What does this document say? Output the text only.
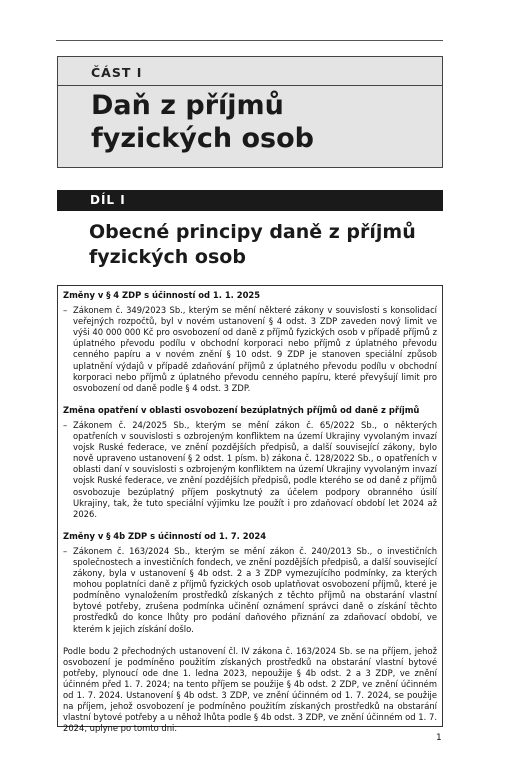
ČÁST I
Daň z příjmů fyzických osob
DÍL I
Obecné principy daně z příjmů fyzických osob

Změny v § 4 ZDP s účinností od 1. 1. 2025

– Zákonem č. 349/2023 Sb., kterým se mění některé zákony v souvislosti s konsolidací veřejných rozpočtů, byl v novém ustanovení § 4 odst. 3 ZDP zaveden nový limit ve výši 40 000 000 Kč pro osvobození od daně z příjmů fyzických osob v případě příjmů z úplatného převodu podílu v obchodní korporaci nebo příjmů z úplatného převodu cenného papíru a v novém znění § 10 odst. 9 ZDP je stanoven speciální způsob uplatnění výdajů v případě zdaňování příjmů z úplatného převodu podílu v obchodní korporaci nebo příjmů z úplatného převodu cenného papíru, které převyšují limit pro osvobození od daně podle § 4 odst. 3 ZDP.

Změna opatření v oblasti osvobození bezúplatných příjmů od daně z příjmů

– Zákonem č. 24/2025 Sb., kterým se mění zákon č. 65/2022 Sb., o některých opatřeních v souvislosti s ozbrojeným konfliktem na území Ukrajiny vyvolaným invazí vojsk Ruské federace, ve znění pozdějších předpisů, a další související zákony, bylo nově upraveno ustanovení § 2 odst. 1 písm. b) zákona č. 128/2022 Sb., o opatřeních v oblasti daní v souvislosti s ozbrojeným konfliktem na území Ukrajiny vyvolaným invazí vojsk Ruské federace, ve znění pozdějších předpisů, podle kterého se od daně z příjmů osvobozuje bezúplatný příjem poskytnutý za účelem podpory obranného úsilí Ukrajiny, tak, že tuto speciální výjimku lze použít i pro zdaňovací období let 2024 až 2026.

Změny v § 4b ZDP s účinností od 1. 7. 2024

– Zákonem č. 163/2024 Sb., kterým se mění zákon č. 240/2013 Sb., o investičních společnostech a investičních fondech, ve znění pozdějších předpisů, a další související zákony, byla v ustanovení § 4b odst. 2 a 3 ZDP vymezujícího podmínky, za kterých mohou poplatníci daně z příjmů fyzických osob uplatňovat osvobození příjmů, které je podmíněno vynaložením prostředků získaných z těchto příjmů na obstarání vlastní bytové potřeby, zrušena podmínka učinění oznámení správci daně o získání těchto prostředků do konce lhůty pro podání daňového přiznání za zdaňovací období, ve kterém k jejich získání došlo.

Podle bodu 2 přechodných ustanovení čl. IV zákona č. 163/2024 Sb. se na příjem, jehož osvobození je podmíněno použitím získaných prostředků na obstarání vlastní bytové potřeby, plynoucí ode dne 1. ledna 2023, nepoužije § 4b odst. 2 a 3 ZDP, ve znění účinném před 1. 7. 2024; na tento příjem se použije § 4b odst. 2 ZDP, ve znění účinném od 1. 7. 2024. Ustanovení § 4b odst. 3 ZDP, ve znění účinném od 1. 7. 2024, se použije na příjem, jehož osvobození je podmíněno použitím získaných prostředků na obstarání vlastní bytové potřeby a u něhož lhůta podle § 4b odst. 3 ZDP, ve znění účinném od 1. 7. 2024, uplyne po tomto dni.

1
